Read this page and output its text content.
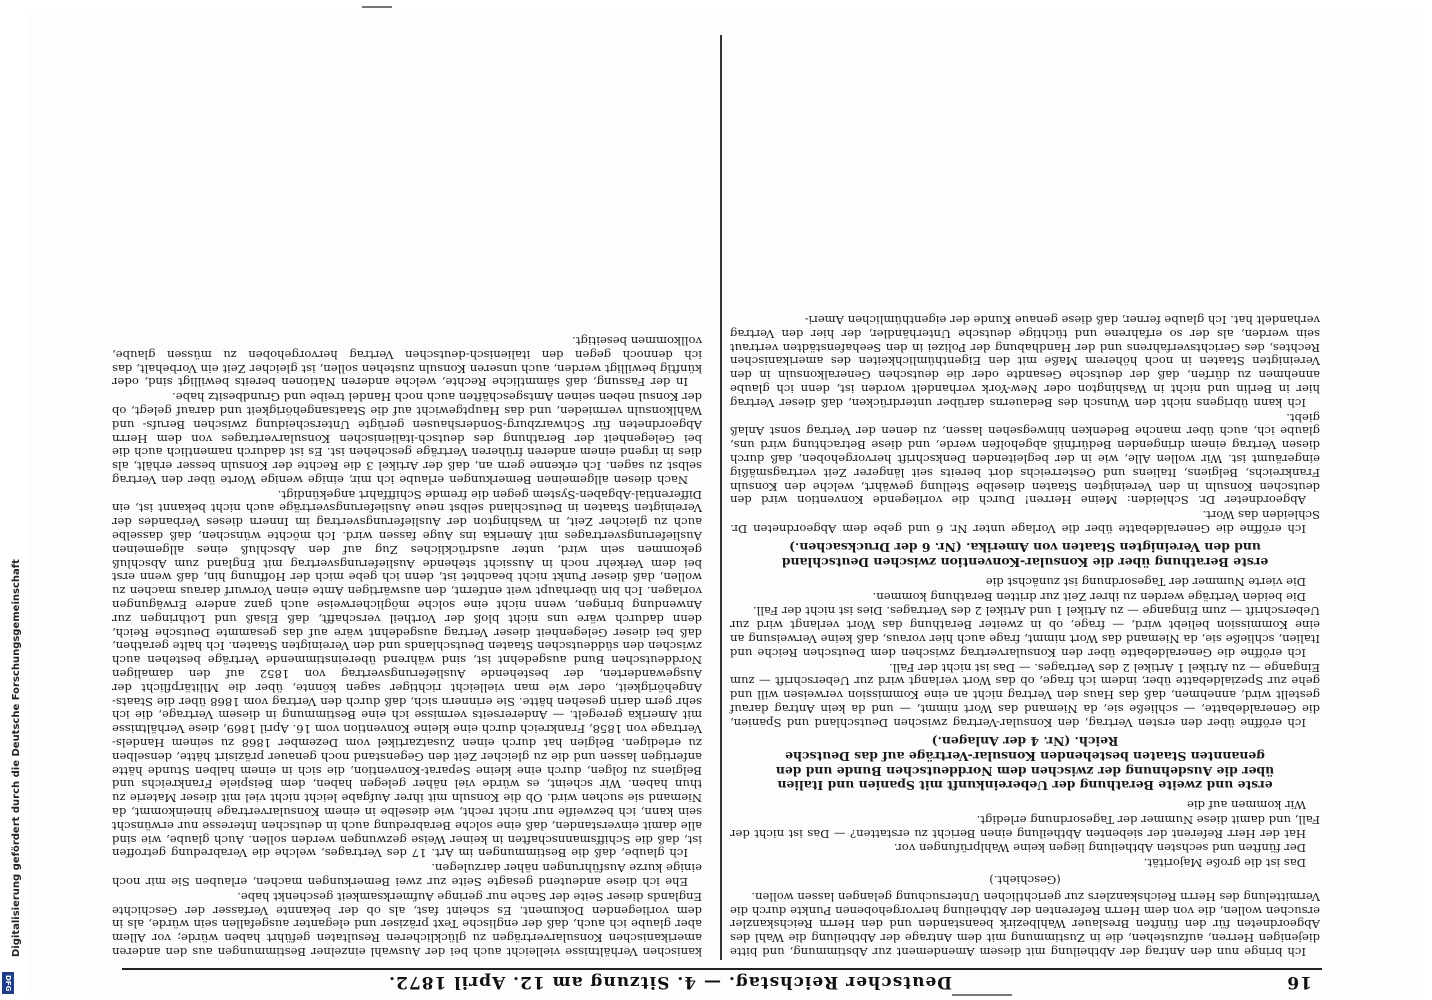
16
Deutscher Reichstag. — 4. Sitzung am 12. April 1872.

Ich bringe nun den Antrag der Abtheilung mit diesem Amendement zur Abstimmung, und bitte diejenigen Herren, aufzustehen, die in Zustimmung mit dem Antrage der Abtheilung die Wahl des Abgeordneten für den fünften Breslauer Wahlbezirk beanstanden und den Herrn Reichskanzler ersuchen wollen, die von dem Herrn Referenten der Abtheilung hervorgehobenen Punkte durch die Vermittelung des Herrn Reichskanzlers zur gerichtlichen Untersuchung gelangen lassen wollen.

(Geschieht.)

Das ist die große Majorität.

Der fünften und sechsten Abtheilung liegen keine Wahlprüfungen vor.

Hat der Herr Referent der siebenten Abtheilung einen Bericht zu erstatten? — Das ist nicht der Fall, und damit diese Nummer der Tagesordnung erledigt.

Wir kommen auf die

erste und zweite Berathung der Uebereinkunft mit Spanien und Italien über die Ausdehnung der zwischen dem Norddeutschen Bunde und den genannten Staaten bestehenden Konsular-Verträge auf das Deutsche Reich. (Nr. 4 der Anlagen.)

Ich eröffne über den ersten Vertrag, den Konsular-Vertrag zwischen Deutschland und Spanien, die Generaldebatte, — schließe sie, da Niemand das Wort nimmt, — und da kein Antrag darauf gestellt wird, annehmen, daß das Haus den Vertrag nicht an eine Kommission verweisen will und gehe zur Spezialdebatte über, indem ich frage, ob das Wort verlangt wird zur Ueberschrift — zum Eingange — zu Artikel 1 Artikel 2 des Vertrages. — Das ist nicht der Fall.

Ich eröffne die Generaldebatte über den Konsularvertrag zwischen dem Deutschen Reiche und Italien, schließe sie, da Niemand das Wort nimmt, frage auch hier voraus, daß keine Verweisung an eine Kommission beliebt wird, — frage, ob in zweiter Berathung das Wort verlangt wird zur Ueberschrift — zum Eingange — zu Artikel 1 und Artikel 2 des Vertrages. Dies ist nicht der Fall.

Die beiden Verträge werden zu ihrer Zeit zur dritten Berathung kommen.

Die vierte Nummer der Tagesordnung ist zunächst die

erste Berathung über die Konsular-Konvention zwischen Deutschland und den Vereinigten Staaten von Amerika. (Nr. 6 der Drucksachen.)

Ich eröffne die Generaldebatte über die Vorlage unter Nr. 6 und gebe dem Abgeordneten Dr. Schleiden das Wort.

Abgeordneter Dr. Schleiden: Meine Herren! Durch die vorliegende Konvention wird den deutschen Konsuln in den Vereinigten Staaten dieselbe Stellung gewährt, welche den Konsuln Frankreichs, Belgiens, Italiens und Oesterreichs dort bereits seit längerer Zeit vertragsmäßig eingeräumt ist. Wir wollen Alle, wie in der begleitenden Denkschrift hervorgehoben, daß durch diesen Vertrag einem dringenden Bedürfniß abgeholfen werde, und diese Betrachtung wird uns, glaube ich, auch über manche Bedenken hinwegsehen lassen, zu denen der Vertrag sonst Anlaß giebt.

Ich kann übrigens nicht den Wunsch des Bedauerns darüber unterdrücken, daß dieser Vertrag hier in Berlin und nicht in Washington oder New-York verhandelt worden ist, denn ich glaube annehmen zu dürfen, daß der deutsche Gesandte oder die deutschen Generalkonsuln in den Vereinigten Staaten in noch höherem Maße mit den Eigenthümlichkeiten des amerikanischen Rechtes, des Gerichtsverfahrens und der Handhabung der Polizei in den Seehafenstädten vertraut sein werden, als der so erfahrene und tüchtige deutsche Unterhändler, der hier den Vertrag verhandelt hat. Ich glaube ferner, daß diese genaue Kunde der eigenthümlichen Ameri-

kanischen Verhältnisse vielleicht auch bei der Auswahl einzelner Bestimmungen aus den anderen amerikanischen Konsularverträgen zu glücklicheren Resultaten geführt haben würde; vor Allem aber glaube ich auch, daß der englische Text präziser und eleganter ausgefallen sein würde, als in dem vorliegenden Dokument. Es scheint fast, als ob der bekannte Verfasser der Geschichte Englands dieser Seite der Sache nur geringe Aufmerksamkeit geschenkt habe.

Ehe ich diese andeutend gesagte Seite zur zwei Bemerkungen machen, erlauben Sie mir noch einige kurze Ausführungen näher darzulegen.

Ich glaube, daß die Bestimmungen im Art. 17 des Vertrages, welche die Verabredung getroffen ist, daß die Schiffsmannschaften in keiner Weise gezwungen werden sollen. Auch glaube, wie sind alle damit einverstanden, daß eine solche Berabredung auch in deutschen Interesse nur erwünscht sein kann, ich bezweifle nur nicht recht, wie dieselbe in einem Konsularvertrage hineinkommt, da Niemand sie suchen wird. Ob die Konsuln mit ihrer Aufgabe leicht nicht viel mit dieser Materie zu thun haben. Wir scheint, es würde viel näher gelegen haben, dem Beispiele Frankreichs und Belgiens zu folgen, durch eine kleine Separat-Konvention, die sich in einem halben Stunde hätte anfertigen lassen und die zu gleicher Zeit den Gegenstand noch genauer präzisirt hätte, denselben zu erledigen. Belgien hat durch einen Zusatzartikel vom Dezember 1868 zu seinem Handels-Vertrage von 1858, Frankreich durch eine kleine Konvention vom 16. April 1869, diese Verhältnisse mit Amerika geregelt. — Andererseits vermisse ich eine Bestimmung in diesem Vertrage, die ich sehr gern darin gesehen hätte. Sie erinnern sich, daß durch den Vertrag vom 1868 über die Staats-Angehörigkeit, oder wie man vielleicht richtiger sagen könnte, über die Militärpflicht der Ausgewanderten, der bestehende Auslieferungsvertrag von 1852 auf den damaligen Norddeutschen Bund ausgedehnt ist, sind während übereinstimmende Verträge bestehen auch zwischen den süddeutschen Staaten Deutschlands und den Vereinigten Staaten. Ich halte gerathen, daß bei dieser Gelegenheit dieser Vertrag ausgedehnt wäre auf das gesammte Deutsche Reich, denn dadurch wäre uns nicht bloß der Vortheil verschafft, daß Elsaß und Lothringen zur Anwendung bringen, wenn nicht eine solche möglicherweise auch ganz andere Erwägungen vorlagen. Ich bin überhaupt weit entfernt, den auswärtigen Amte einen Vorwurf daraus machen zu wollen, daß dieser Punkt nicht beachtet ist, denn ich gebe mich der Hoffnung hin, daß wenn erst bei dem Verkehr noch in Aussicht stehende Auslieferungsvertrag mit England zum Abschluß gekommen sein wird, unter ausdrückliches Zug auf den Abschluß eines allgemeinen Auslieferungsvertrages mit Amerika ins Auge fassen wird. Ich möchte wünschen, daß dasselbe auch zu gleicher Zeit, in Washington der Auslieferungsvertrag im Innern dieses Verbandes der Vereinigten Staaten in Deutschland selbst neue Auslieferungsverträge auch nicht bekannt ist, ein Differential-Abgaben-System gegen die fremde Schifffahrt angekündigt.

Nach diesen allgemeinen Bemerkungen erlaube ich mir, einige wenige Worte über den Vertrag selbst zu sagen. Ich erkenne gern an, daß der Artikel 3 die Rechte der Konsuln besser erhält, als dies in irgend einem anderen früheren Verträge geschehen ist. Es ist dadurch namentlich auch die bei Gelegenheit der Berathung des deutsch-italienischen Konsularvertrages von dem Herrn Abgeordneten für Schwarzburg-Sondershausen gerügte Unterscheidung zwischen Berufs- und Wahlkonsuln vermieden, und das Hauptgewicht auf die Staatsangehörigkeit und darauf gelegt, ob der Konsul neben seinen Amtsgeschäften auch noch Handel treibe und Grundbesitz habe.

In der Fassung, daß sämmtliche Rechte, welche anderen Nationen bereits bewilligt sind, oder künftig bewilligt werden, auch unseren Konsuln zustehen sollen, ist gleicher Zeit ein Vorbehalt, das ich dennoch gegen den italienisch-deutschen Vertrag hervorgehoben zu müssen glaube, vollkommen beseitigt.

Digitalisierung gefördert durch die Deutsche Forschungsgemeinschaft
DFG
